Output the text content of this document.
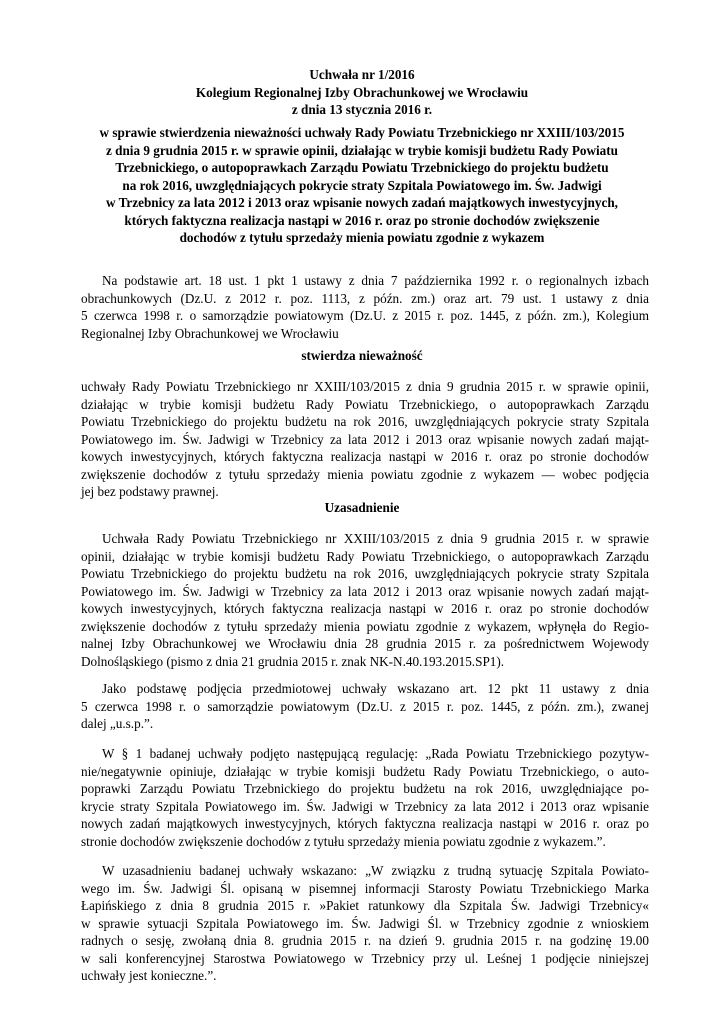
Uchwała nr 1/2016
Kolegium Regionalnej Izby Obrachunkowej we Wrocławiu
z dnia 13 stycznia 2016 r.
w sprawie stwierdzenia nieważności uchwały Rady Powiatu Trzebnickiego nr XXIII/103/2015
z dnia 9 grudnia 2015 r. w sprawie opinii, działając w trybie komisji budżetu Rady Powiatu
Trzebnickiego, o autopoprawkach Zarządu Powiatu Trzebnickiego do projektu budżetu
na rok 2016, uwzględniających pokrycie straty Szpitala Powiatowego im. Św. Jadwigi
w Trzebnicy za lata 2012 i 2013 oraz wpisanie nowych zadań majątkowych inwestycyjnych,
których faktyczna realizacja nastąpi w 2016 r. oraz po stronie dochodów zwiększenie
dochodów z tytułu sprzedaży mienia powiatu zgodnie z wykazem
Na podstawie art. 18 ust. 1 pkt 1 ustawy z dnia 7 października 1992 r. o regionalnych izbach
obrachunkowych (Dz.U. z 2012 r. poz. 1113, z późn. zm.) oraz art. 79 ust. 1 ustawy z dnia
5 czerwca 1998 r. o samorządzie powiatowym (Dz.U. z 2015 r. poz. 1445, z późn. zm.), Kolegium
Regionalnej Izby Obrachunkowej we Wrocławiu
stwierdza nieważność
uchwały Rady Powiatu Trzebnickiego nr XXIII/103/2015 z dnia 9 grudnia 2015 r. w sprawie opinii,
działając w trybie komisji budżetu Rady Powiatu Trzebnickiego, o autopoprawkach Zarządu
Powiatu Trzebnickiego do projektu budżetu na rok 2016, uwzględniających pokrycie straty Szpitala
Powiatowego im. Św. Jadwigi w Trzebnicy za lata 2012 i 2013 oraz wpisanie nowych zadań mająt-
kowych inwestycyjnych, których faktyczna realizacja nastąpi w 2016 r. oraz po stronie dochodów
zwiększenie dochodów z tytułu sprzedaży mienia powiatu zgodnie z wykazem — wobec podjęcia
jej bez podstawy prawnej.
Uzasadnienie
Uchwała Rady Powiatu Trzebnickiego nr XXIII/103/2015 z dnia 9 grudnia 2015 r. w sprawie
opinii, działając w trybie komisji budżetu Rady Powiatu Trzebnickiego, o autopoprawkach Zarządu
Powiatu Trzebnickiego do projektu budżetu na rok 2016, uwzględniających pokrycie straty Szpitala
Powiatowego im. Św. Jadwigi w Trzebnicy za lata 2012 i 2013 oraz wpisanie nowych zadań mająt-
kowych inwestycyjnych, których faktyczna realizacja nastąpi w 2016 r. oraz po stronie dochodów
zwiększenie dochodów z tytułu sprzedaży mienia powiatu zgodnie z wykazem, wpłynęła do Regio-
nalnej Izby Obrachunkowej we Wrocławiu dnia 28 grudnia 2015 r. za pośrednictwem Wojewody
Dolnośląskiego (pismo z dnia 21 grudnia 2015 r. znak NK-N.40.193.2015.SP1).
Jako podstawę podjęcia przedmiotowej uchwały wskazano art. 12 pkt 11 ustawy z dnia
5 czerwca 1998 r. o samorządzie powiatowym (Dz.U. z 2015 r. poz. 1445, z późn. zm.), zwanej
dalej „u.s.p.”.
W § 1 badanej uchwały podjęto następującą regulację: „Rada Powiatu Trzebnickiego pozytyw-
nie/negatywnie opiniuje, działając w trybie komisji budżetu Rady Powiatu Trzebnickiego, o auto-
poprawki Zarządu Powiatu Trzebnickiego do projektu budżetu na rok 2016, uwzględniające po-
krycie straty Szpitala Powiatowego im. Św. Jadwigi w Trzebnicy za lata 2012 i 2013 oraz wpisanie
nowych zadań majątkowych inwestycyjnych, których faktyczna realizacja nastąpi w 2016 r. oraz po
stronie dochodów zwiększenie dochodów z tytułu sprzedaży mienia powiatu zgodnie z wykazem.”.
W uzasadnieniu badanej uchwały wskazano: „W związku z trudną sytuację Szpitala Powiato-
wego im. Św. Jadwigi Śl. opisaną w pisemnej informacji Starosty Powiatu Trzebnickiego Marka
Łapińskiego z dnia 8 grudnia 2015 r. »Pakiet ratunkowy dla Szpitala Św. Jadwigi Trzebnicy«
w sprawie sytuacji Szpitala Powiatowego im. Św. Jadwigi Śl. w Trzebnicy zgodnie z wnioskiem
radnych o sesję, zwołaną dnia 8. grudnia 2015 r. na dzień 9. grudnia 2015 r. na godzinę 19.00
w sali konferencyjnej Starostwa Powiatowego w Trzebnicy przy ul. Leśnej 1 podjęcie niniejszej
uchwały jest konieczne.”.
